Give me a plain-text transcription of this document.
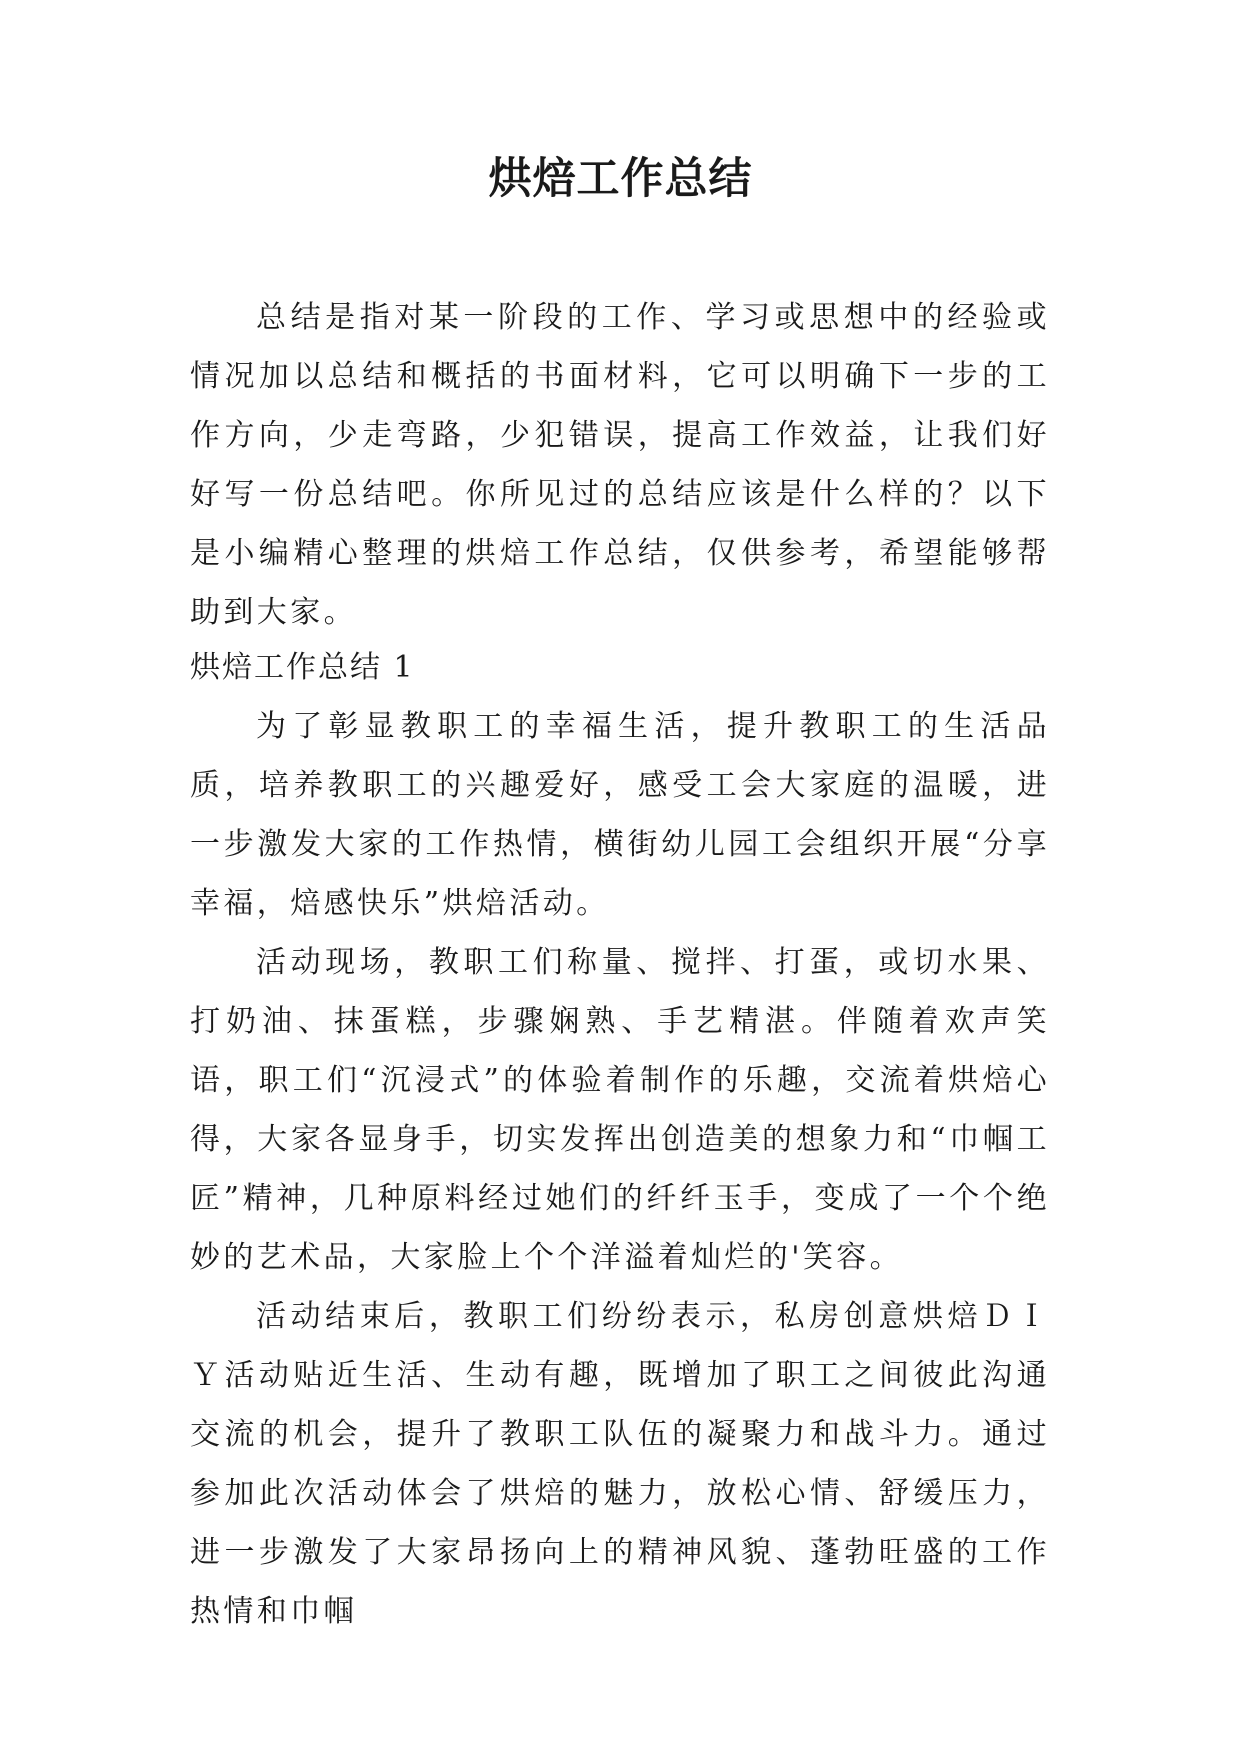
烘焙工作总结

总结是指对某一阶段的工作、学习或思想中的经验或情况加以总结和概括的书面材料，它可以明确下一步的工作方向，少走弯路，少犯错误，提高工作效益，让我们好好写一份总结吧。你所见过的总结应该是什么样的？以下是小编精心整理的烘焙工作总结，仅供参考，希望能够帮助到大家。

烘焙工作总结 1

为了彰显教职工的幸福生活，提升教职工的生活品质，培养教职工的兴趣爱好，感受工会大家庭的温暖，进一步激发大家的工作热情，横街幼儿园工会组织开展“分享幸福，焙感快乐”烘焙活动。

活动现场，教职工们称量、搅拌、打蛋，或切水果、打奶油、抹蛋糕，步骤娴熟、手艺精湛。伴随着欢声笑语，职工们“沉浸式”的体验着制作的乐趣，交流着烘焙心得，大家各显身手，切实发挥出创造美的想象力和“巾帼工匠”精神，几种原料经过她们的纤纤玉手，变成了一个个绝妙的艺术品，大家脸上个个洋溢着灿烂的'笑容。

活动结束后，教职工们纷纷表示，私房创意烘焙ＤＩＹ活动贴近生活、生动有趣，既增加了职工之间彼此沟通交流的机会，提升了教职工队伍的凝聚力和战斗力。通过参加此次活动体会了烘焙的魅力，放松心情、舒缓压力，进一步激发了大家昂扬向上的精神风貌、蓬勃旺盛的工作热情和巾帼
